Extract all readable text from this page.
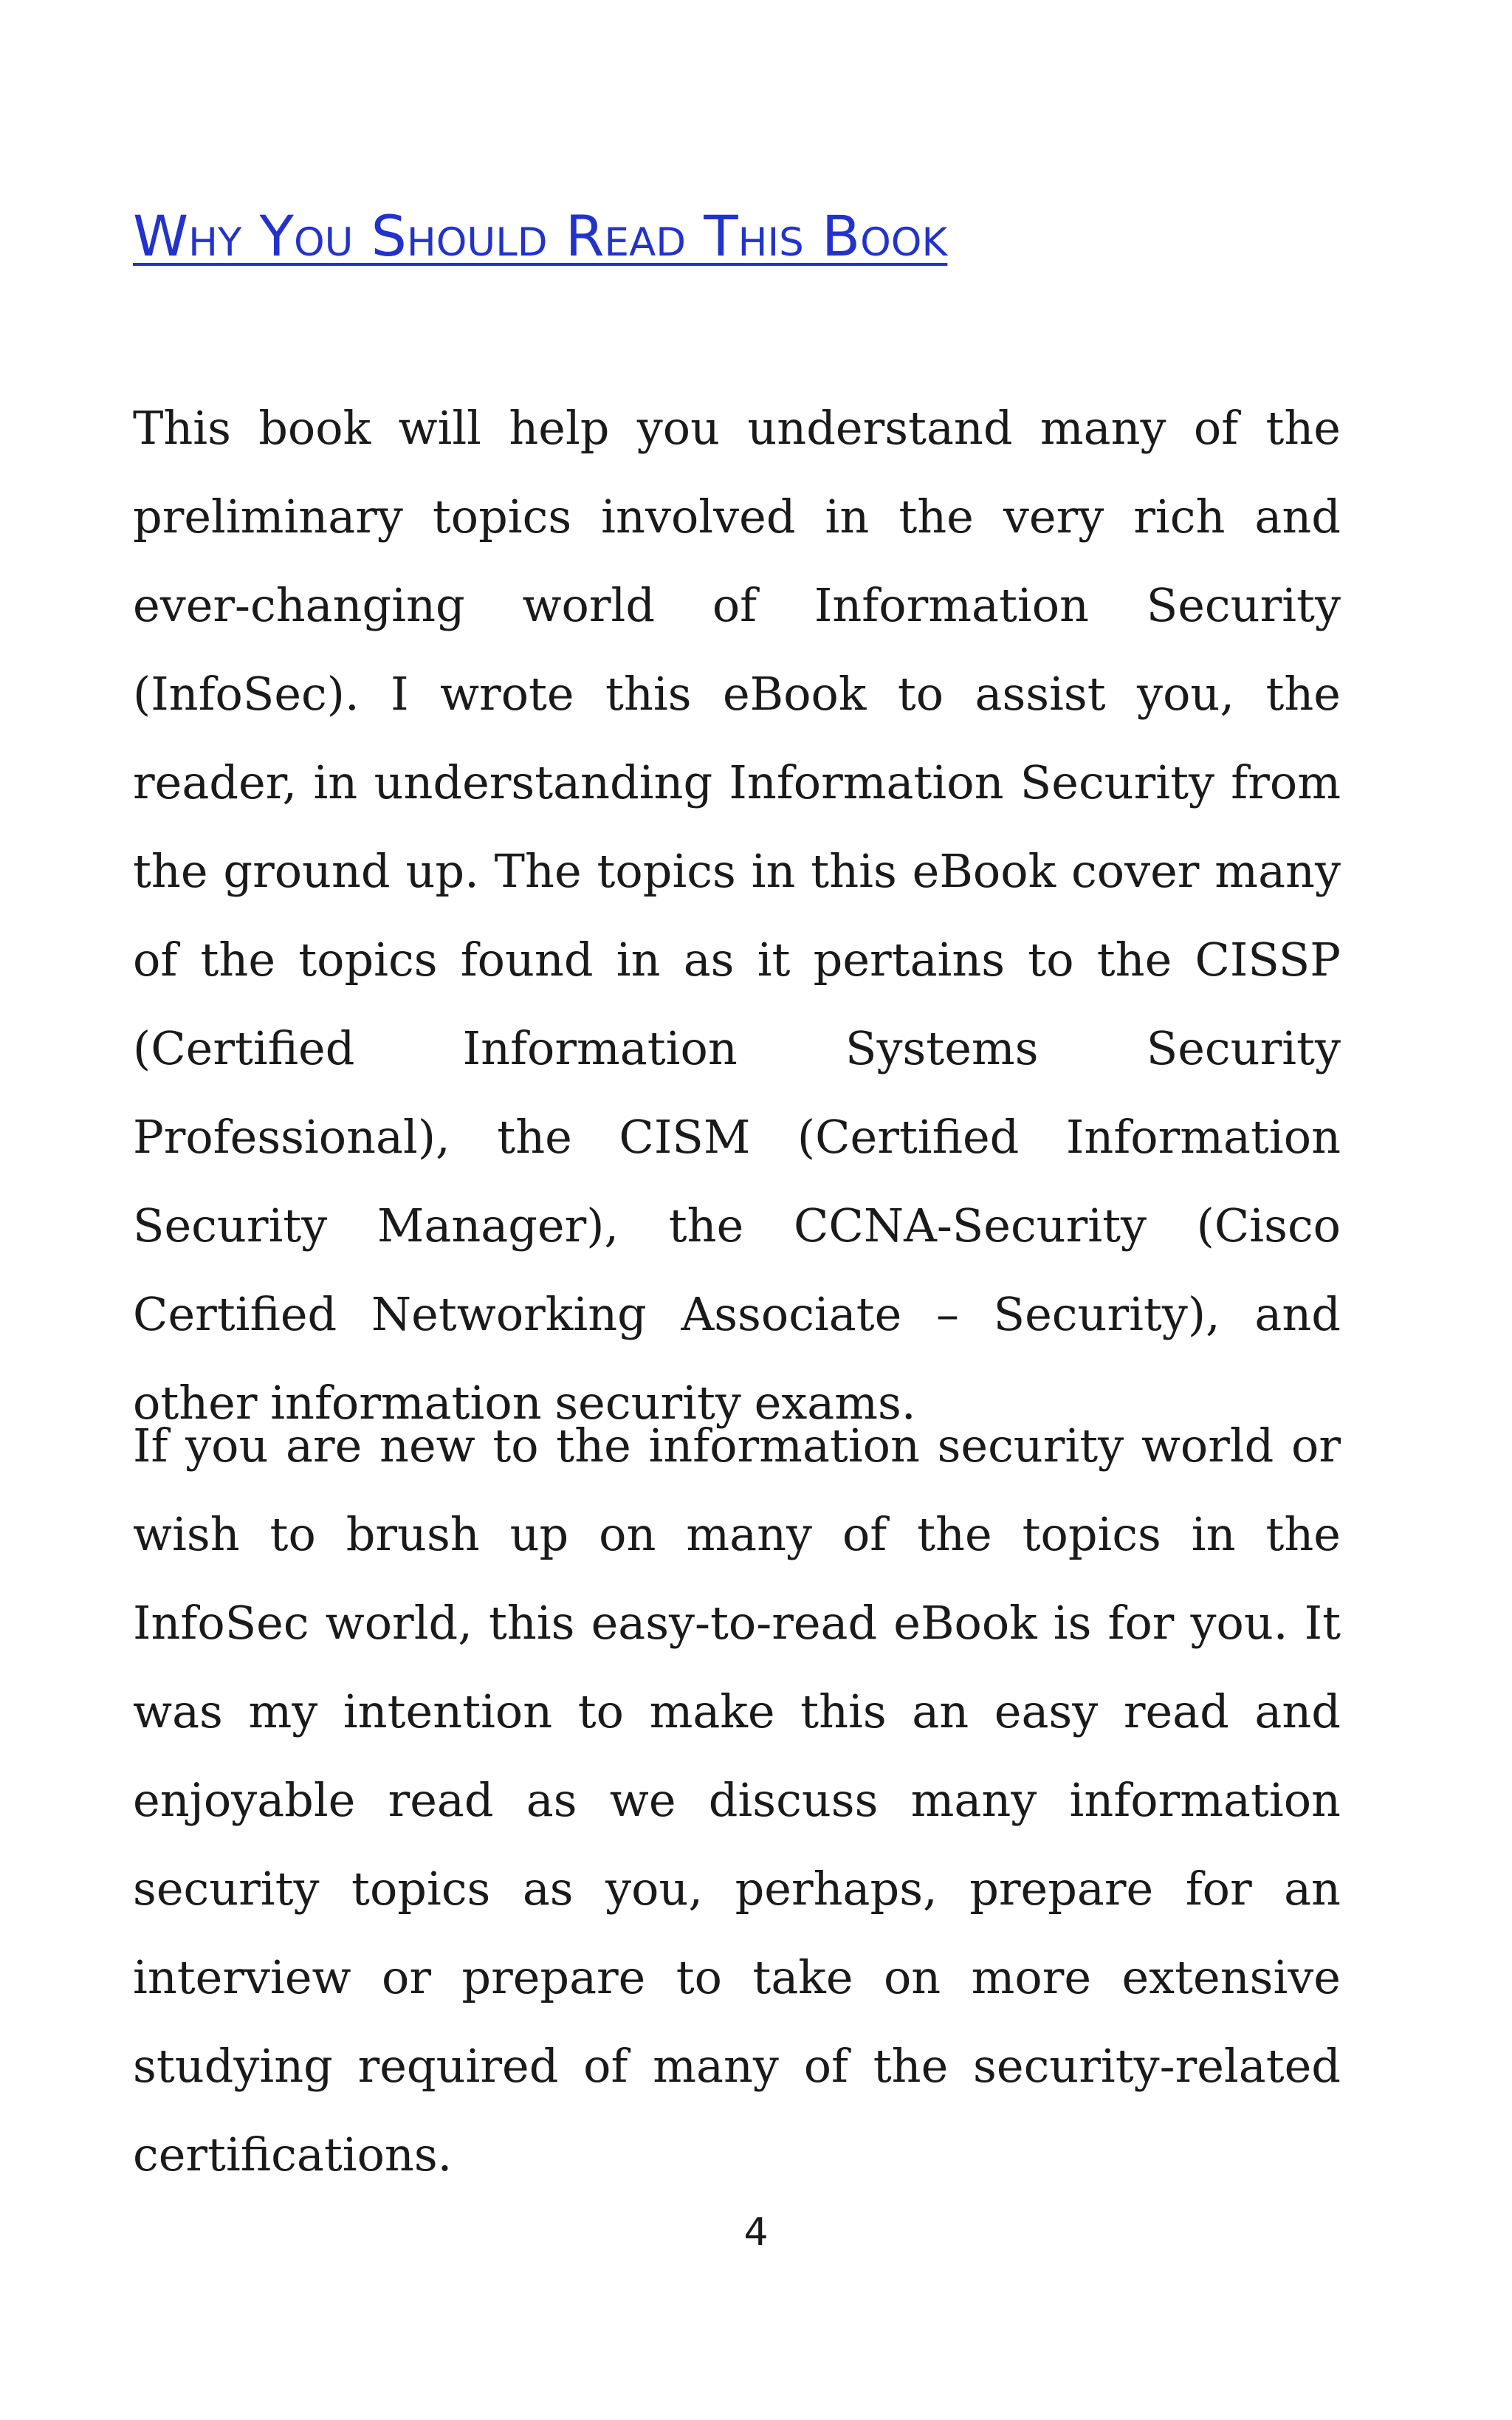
Why You Should Read This Book

This book will help you understand many of the preliminary topics involved in the very rich and ever-changing world of Information Security (InfoSec). I wrote this eBook to assist you, the reader, in understanding Information Security from the ground up. The topics in this eBook cover many of the topics found in as it pertains to the CISSP (Certified Information Systems Security Professional), the CISM (Certified Information Security Manager), the CCNA-Security (Cisco Certified Networking Associate – Security), and other information security exams.

If you are new to the information security world or wish to brush up on many of the topics in the InfoSec world, this easy-to-read eBook is for you. It was my intention to make this an easy read and enjoyable read as we discuss many information security topics as you, perhaps, prepare for an interview or prepare to take on more extensive studying required of many of the security-related certifications.

4
